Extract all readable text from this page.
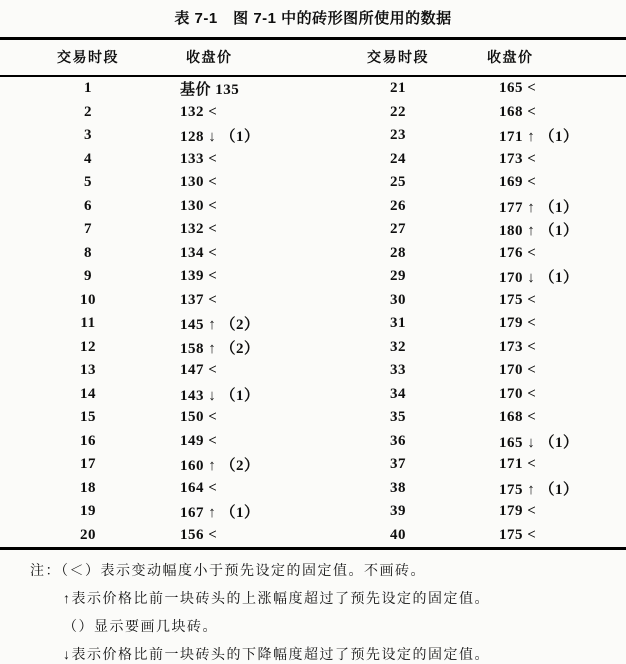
表 7-1　图 7-1 中的砖形图所使用的数据
交易时段	收盘价	交易时段	收盘价
1	基价 135	21	165 <
2	132 <	22	168 <
3	128 ↓ （1）	23	171 ↑ （1）
4	133 <	24	173 <
5	130 <	25	169 <
6	130 <	26	177 ↑ （1）
7	132 <	27	180 ↑ （1）
8	134 <	28	176 <
9	139 <	29	170 ↓ （1）
10	137 <	30	175 <
11	145 ↑ （2）	31	179 <
12	158 ↑ （2）	32	173 <
13	147 <	33	170 <
14	143 ↓ （1）	34	170 <
15	150 <	35	168 <
16	149 <	36	165 ↓ （1）
17	160 ↑ （2）	37	171 <
18	164 <	38	175 ↑ （1）
19	167 ↑ （1）	39	179 <
20	156 <	40	175 <

注：（＜）表示变动幅度小于预先设定的固定值。不画砖。

↑表示价格比前一块砖头的上涨幅度超过了预先设定的固定值。

（）显示要画几块砖。

↓表示价格比前一块砖头的下降幅度超过了预先设定的固定值。
